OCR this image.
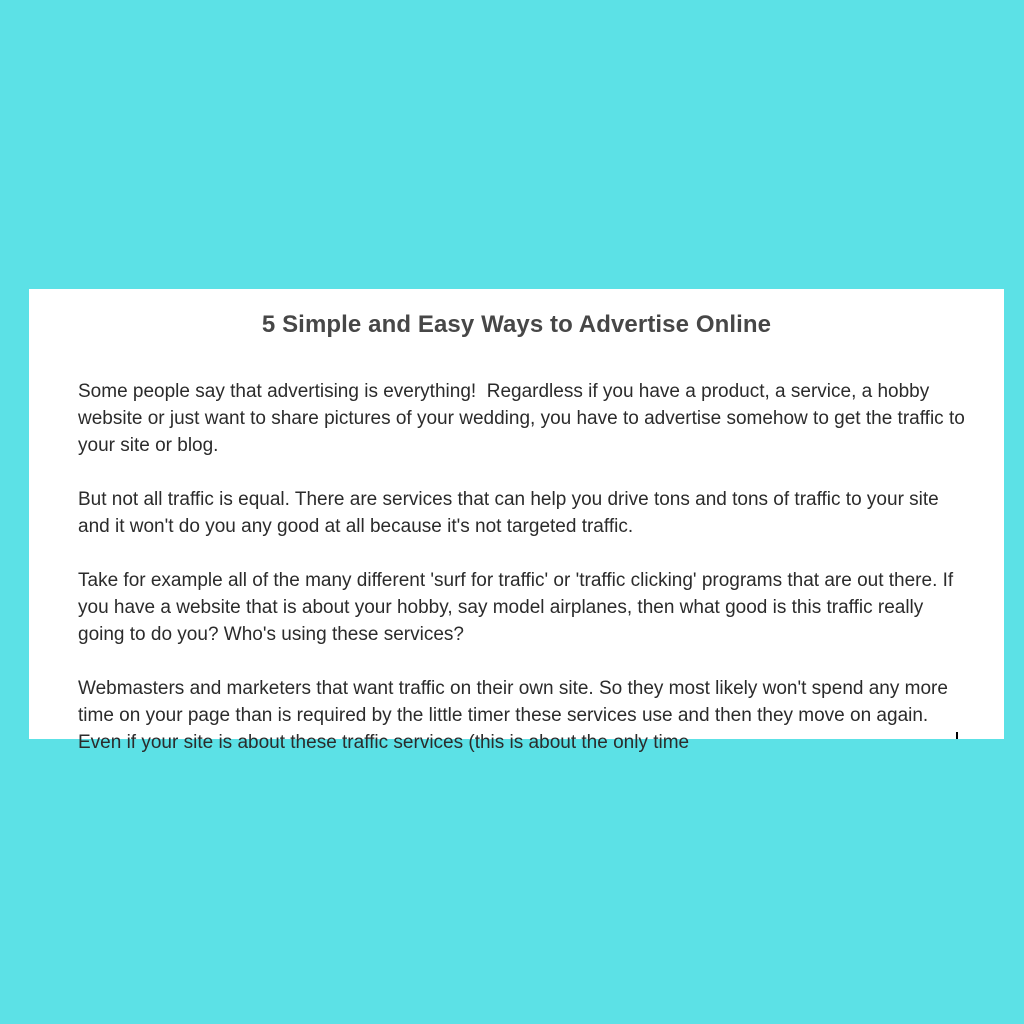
5 Simple and Easy Ways to Advertise Online

Some people say that advertising is everything!  Regardless if you have a product, a service, a hobby website or just want to share pictures of your wedding, you have to advertise somehow to get the traffic to your site or blog.

But not all traffic is equal. There are services that can help you drive tons and tons of traffic to your site and it won't do you any good at all because it's not targeted traffic.

Take for example all of the many different 'surf for traffic' or 'traffic clicking' programs that are out there. If you have a website that is about your hobby, say model airplanes, then what good is this traffic really going to do you? Who's using these services?

Webmasters and marketers that want traffic on their own site. So they most likely won't spend any more time on your page than is required by the little timer these services use and then they move on again. Even if your site is about these traffic services (this is about the only time
